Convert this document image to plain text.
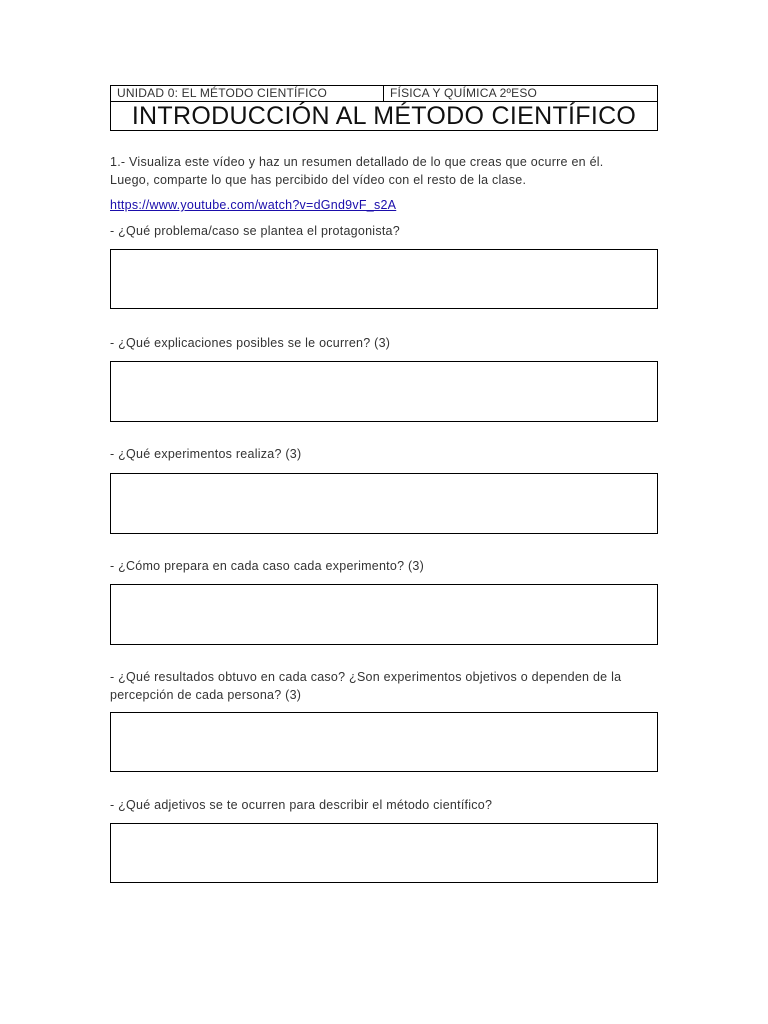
UNIDAD 0: EL MÉTODO CIENTÍFICO	FÍSICA Y QUÍMICA 2ºESO
INTRODUCCIÓN AL MÉTODO CIENTÍFICO
1.- Visualiza este vídeo y haz un resumen detallado de lo que creas que ocurre en él.
Luego, comparte lo que has percibido del vídeo con el resto de la clase.
https://www.youtube.com/watch?v=dGnd9vF_s2A
- ¿Qué problema/caso se plantea el protagonista?
- ¿Qué explicaciones posibles se le ocurren? (3)
- ¿Qué experimentos realiza? (3)
- ¿Cómo prepara en cada caso cada experimento? (3)
- ¿Qué resultados obtuvo en cada caso? ¿Son experimentos objetivos o dependen de la
percepción de cada persona? (3)
- ¿Qué adjetivos se te ocurren para describir el método científico?
